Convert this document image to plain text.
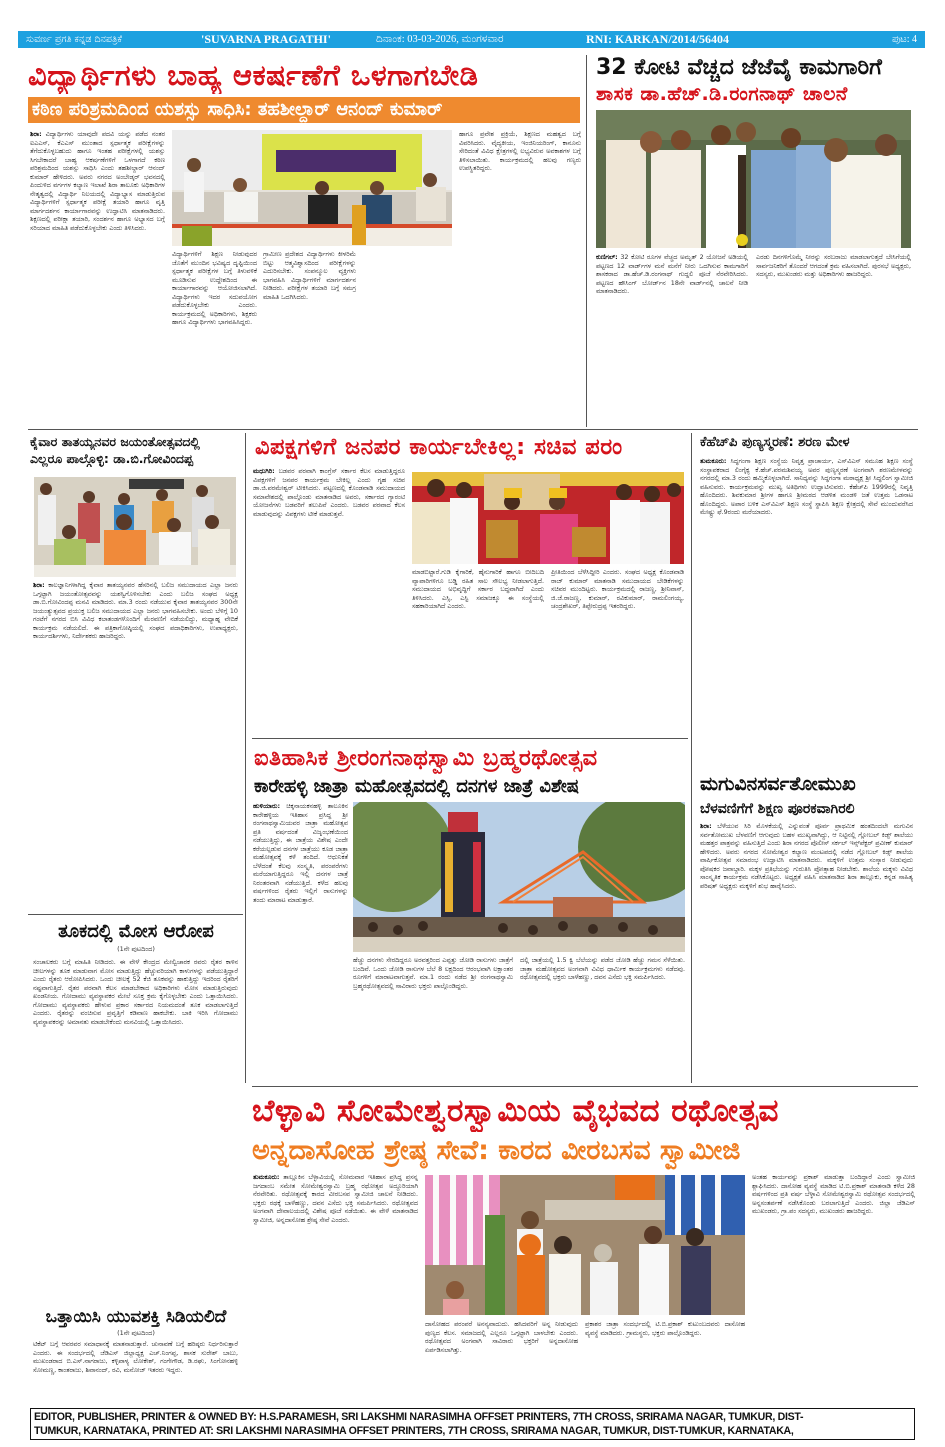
ಸುವರ್ಣ ಪ್ರಗತಿ ಕನ್ನಡ ದಿನಪತ್ರಿಕೆ	'SUVARNA PRAGATHI'	ದಿನಾಂಕ: 03-03-2026, ಮಂಗಳವಾರ	RNI: KARKAN/2014/56404	ಪುಟ: 4
ವಿದ್ಯಾರ್ಥಿಗಳು ಬಾಹ್ಯ ಆಕರ್ಷಣೆಗೆ ಒಳಗಾಗಬೇಡಿ
ಕಠಿಣ ಪರಿಶ್ರಮದಿಂದ ಯಶಸ್ಸು ಸಾಧಿಸಿ: ತಹಶೀಲ್ದಾರ್ ಆನಂದ್ ಕುಮಾರ್

ಶಿರಾ: ವಿದ್ಯಾರ್ಥಿಗಳು ಯಾವುದೇ ಪದವಿ ಯನ್ನು ಪಡೆದ ನಂತರ ಐಎಎಸ್, ಕೆಎಎಸ್ ಮುಂತಾದ ಸ್ಪರ್ಧಾತ್ಮಕ ಪರೀಕ್ಷೆಗಳನ್ನು ತೆಗೆದುಕೊಳ್ಳಬಹುದು ಹಾಗೂ ಇಂತಹ ಪರೀಕ್ಷೆಗಳಲ್ಲಿ ಯಶಸ್ಸು ಸಿಗಬೇಕಾದರೆ ಬಾಹ್ಯ ಆಕರ್ಷಣೆಗಳಿಗೆ ಒಳಗಾಗದೆ ಕಠಿಣ ಪರಿಶ್ರಮದಿಂದ ಯಶಸ್ಸು ಸಾಧಿಸಿ ಎಂದು ತಹಶೀಲ್ದಾರ್ ಆನಂದ್ ಕುಮಾರ್ ಹೇಳಿದರು. ಅವರು ನಗರದ ಅಂಬೇಡ್ಕರ್ ಭವನದಲ್ಲಿ ಪಿಂದುಳಿದ ವರ್ಗಗಳ ಕಲ್ಯಾಣ ಇಲಾಖೆ ಶಿರಾ ತಾಲೂಕು ಅಧಿಕಾರಿಗಳ ನೇತೃತ್ವದಲ್ಲಿ ವಿದ್ಯಾರ್ಥಿ ನಿಲಯದಲ್ಲಿ ವಿದ್ಯಾಭ್ಯಾಸ ಮಾಡುತ್ತಿರುವ ವಿದ್ಯಾರ್ಥಿಗಳಿಗೆ ಸ್ಪರ್ಧಾತ್ಮಕ ಪರೀಕ್ಷೆ ತಯಾರಿ ಹಾಗೂ ವೃತ್ತಿ ಮಾರ್ಗದರ್ಶನ ಕಾರ್ಯಾಗಾರವನ್ನು ಉದ್ಘಾಟಿಸಿ ಮಾತನಾಡಿದರು. ಶಿಕ್ಷಣದಲ್ಲಿ ಪರೀಕ್ಷಾ ತಯಾರಿ, ಸಂದರ್ಶನ ಹಾಗೂ ಅಭ್ಯಾಸದ ಬಗ್ಗೆ ಸರಿಯಾದ ಮಾಹಿತಿ ಪಡೆದುಕೊಳ್ಳಬೇಕು ಎಂದು ತಿಳಿಸಿದರು.

ವಿದ್ಯಾರ್ಥಿಗಳಿಗೆ ಶಿಕ್ಷಣ ನೀಡುವುದರ ಜೊತೆಗೆ ಮುಂದಿನ ಭವಿಷ್ಯದ ದೃಷ್ಟಿಯಿಂದ ಸ್ಪರ್ಧಾತ್ಮಕ ಪರೀಕ್ಷೆಗಳ ಬಗ್ಗೆ ತಿಳುವಳಿಕೆ ಮೂಡಿಸುವ ಉದ್ದೇಶದಿಂದ ಈ ಕಾರ್ಯಾಗಾರವನ್ನು ಆಯೋಜಿಸಲಾಗಿದೆ. ವಿದ್ಯಾರ್ಥಿಗಳು ಇದರ ಸದುಪಯೋಗ ಪಡೆದುಕೊಳ್ಳಬೇಕು ಎಂದರು. ಕಾರ್ಯಕ್ರಮದಲ್ಲಿ ಅಧಿಕಾರಿಗಳು, ಶಿಕ್ಷಕರು ಹಾಗೂ ವಿದ್ಯಾರ್ಥಿಗಳು ಭಾಗವಹಿಸಿದ್ದರು.
ಗ್ರಾಮೀಣ ಪ್ರದೇಶದ ವಿದ್ಯಾರ್ಥಿಗಳು ಕೀಳರಿಮೆ ಬಿಟ್ಟು ಆತ್ಮವಿಶ್ವಾಸದಿಂದ ಪರೀಕ್ಷೆಗಳನ್ನು ಎದುರಿಸಬೇಕು. ಸಂಪನ್ಮೂಲ ವ್ಯಕ್ತಿಗಳು ಭಾಗವಹಿಸಿ ವಿದ್ಯಾರ್ಥಿಗಳಿಗೆ ಮಾರ್ಗದರ್ಶನ ನೀಡಿದರು. ಪರೀಕ್ಷೆಗಳ ತಯಾರಿ ಬಗ್ಗೆ ಸಮಗ್ರ ಮಾಹಿತಿ ಒದಗಿಸಿದರು.
ಹಾಗೂ ಪ್ರವೇಶ ಪ್ರಕ್ರಿಯೆ, ಶಿಕ್ಷಣದ ಮಹತ್ವದ ಬಗ್ಗೆ ವಿವರಿಸಿದರು. ವೈದ್ಯಕೀಯ, ಇಂಜಿನಿಯರಿಂಗ್, ಕಾನೂನು ಸೇರಿದಂತೆ ವಿವಿಧ ಕ್ಷೇತ್ರಗಳಲ್ಲಿ ಲಭ್ಯವಿರುವ ಅವಕಾಶಗಳ ಬಗ್ಗೆ ತಿಳಿಸಲಾಯಿತು. ಕಾರ್ಯಕ್ರಮದಲ್ಲಿ ಹಲವು ಗಣ್ಯರು ಉಪಸ್ಥಿತರಿದ್ದರು.
32 ಕೋಟಿ ವೆಚ್ಚದ ಜೆಜೆವೈ ಕಾಮಗಾರಿಗೆ
ಶಾಸಕ ಡಾ.ಹೆಚ್.ಡಿ.ರಂಗನಾಥ್ ಚಾಲನೆ

ಕುಣಿಗಲ್: 32 ಕೋಟಿ ರೂಗಳ ವೆಚ್ಚದ ಅಮೃತ್ 2 ಯೋಜನೆ ಅಡಿಯಲ್ಲಿ ಪಟ್ಟಣದ 12 ವಾರ್ಡ್‌ಗಳ ಮನೆ ಮನೆಗೆ ನೀರು ಒದಗಿಸುವ ಕಾಮಗಾರಿಗೆ ಶಾಸಕರಾದ ಡಾ.ಹೆಚ್.ಡಿ.ರಂಗನಾಥ್ ಗುದ್ದಲಿ ಪೂಜೆ ನೆರವೇರಿಸಿದರು. ಪಟ್ಟಣದ ಹೌಸಿಂಗ್ ಬೋರ್ಡ್‌ನ 18ನೇ ವಾರ್ಡ್‌ನಲ್ಲಿ ಚಾಲನೆ ನೀಡಿ ಮಾತನಾಡಿದರು.

ಎರಡು ದಿನಗಳಿಗೊಮ್ಮೆ ನೀರನ್ನು ಸರಬರಾಜು ಮಾಡಲಾಗುತ್ತದೆ ಬೇಸಿಗೆಯಲ್ಲಿ ಸಾರ್ವಜನಿಕರಿಗೆ ತೊಂದರೆ ಆಗದಂತೆ ಕ್ರಮ ವಹಿಸಲಾಗಿದೆ. ಪುರಸಭೆ ಅಧ್ಯಕ್ಷರು, ಸದಸ್ಯರು, ಮುಖಂಡರು ಮತ್ತು ಅಧಿಕಾರಿಗಳು ಹಾಜರಿದ್ದರು.
ಕೈವಾರ ತಾತಯ್ಯನವರ ಜಯಂತೋತ್ಸವದಲ್ಲಿ
ಎಲ್ಲರೂ ಪಾಲ್ಗೊಳ್ಳಿ: ಡಾ.ಬಿ.ಗೋವಿಂದಪ್ಪ

ಶಿರಾ: ಕಾಲಜ್ಞಾನಿಗಳಾಗಿದ್ದ ಕೈವಾರ ತಾತಯ್ಯನವರ ಹೆಸರಿನಲ್ಲಿ ಬಲಿಜ ಸಮುದಾಯದ ಎಲ್ಲಾ ಜನರು ಒಗ್ಗಟ್ಟಾಗಿ ಜಯಂತೋತ್ಸವವನ್ನು ಯಶಸ್ವಿಗೊಳಿಸಬೇಕು ಎಂದು ಬಲಿಜ ಸಂಘದ ಅಧ್ಯಕ್ಷ ಡಾ.ಬಿ.ಗೋವಿಂದಪ್ಪ ಮನವಿ ಮಾಡಿದರು. ಮಾ.3 ರಂದು ನಡೆಯುವ ಕೈವಾರ ತಾತಯ್ಯನವರ 300ನೇ ಜಯಂತ್ಯುತ್ಸವದ ಪ್ರಯುಕ್ತ ಬಲಿಜ ಸಮುದಾಯದ ಎಲ್ಲಾ ಜನರು ಭಾಗವಹಿಸಬೇಕು. ಅಂದು ಬೆಳಿಗ್ಗೆ 10 ಗಂಟೆಗೆ ನಗರದ ಬಿಸಿ ವಿವಿಧ ಕಲಾತಂಡಗಳೊಂದಿಗೆ ಮೆರವಣಿಗೆ ನಡೆಯಲಿದ್ದು, ಮಧ್ಯಾಹ್ನ ವೇದಿಕೆ ಕಾರ್ಯಕ್ರಮ ನಡೆಯಲಿದೆ. ಈ ಪತ್ರಿಕಾಗೋಷ್ಠಿಯಲ್ಲಿ ಸಂಘದ ಪದಾಧಿಕಾರಿಗಳು, ಉಪಾಧ್ಯಕ್ಷರು, ಕಾರ್ಯದರ್ಶಿಗಳು, ನಿರ್ದೇಶಕರು ಹಾಜರಿದ್ದರು.

ತೂಕದಲ್ಲಿ ಮೋಸ ಆರೋಪ
(1ನೇ ಪುಟದಿಂದ)
ಸಂಚಾಲಕರು ಬಗ್ಗೆ ಮಾಹಿತಿ ನೀಡಿದರು. ಈ ವೇಳೆ ಕೇಂದ್ರದ ಮೇಲ್ವಿಚಾರಕ ರವರು ರೈತರ ಕಾಳಿನ ಚೀಲಗಳನ್ನು ತೂಕ ಮಾಡುವಾಗ ಮೋಸ ಮಾಡುತ್ತಿದ್ದು ಹೆಚ್ಚುವರಿಯಾಗಿ ಕಾಳುಗಳನ್ನು ಪಡೆಯುತ್ತಿದ್ದಾರೆ ಎಂದು ರೈತರು ಆರೋಪಿಸಿದರು. ಒಂದು ಚೀಲಕ್ಕೆ 52 ಕೆಜಿ ತೂಕವನ್ನು ಹಾಕುತ್ತಿದ್ದು ಇದರಿಂದ ರೈತರಿಗೆ ನಷ್ಟವಾಗುತ್ತಿದೆ. ರೈತರ ಪರವಾಗಿ ಕೆಲಸ ಮಾಡಬೇಕಾದ ಅಧಿಕಾರಿಗಳು ಮೋಸ ಮಾಡುತ್ತಿರುವುದು ಖಂಡನೀಯ. ಗೋದಾಮು ವ್ಯವಸ್ಥಾಪಕರ ಮೇಲೆ ಸೂಕ್ತ ಕ್ರಮ ಕೈಗೊಳ್ಳಬೇಕು ಎಂದು ಒತ್ತಾಯಿಸಿದರು. ಗೋದಾಮು ವ್ಯವಸ್ಥಾಪಕರು ಹೇಳುವ ಪ್ರಕಾರ ಸರ್ಕಾರದ ನಿಯಮದಂತೆ ತೂಕ ಮಾಡಲಾಗುತ್ತಿದೆ ಎಂದರು. ರೈತರನ್ನು ವಂಚಿಸುವ ಪ್ರವೃತ್ತಿಗೆ ಕಡಿವಾಣ ಹಾಕಬೇಕು. ಬಾಕಿ ಇರಿಸಿ ಗೋದಾಮು ವ್ಯವಸ್ಥಾಪಕರನ್ನು ಅಮಾನತು ಮಾಡಬೇಕೆಂದು ಮನವಿಯಲ್ಲಿ ಒತ್ತಾಯಿಸಿದರು.
ಒತ್ತಾಯಿಸಿ ಯುವಶಕ್ತಿ ಸಿಡಿಯಲಿದೆ
(1ನೇ ಪುಟದಿಂದ)
ಟಿಕೆಟ್ ಬಗ್ಗೆ ಆವರವರ ಸಮಾಧಾನಕ್ಕೆ ಮಾತನಾಡುತ್ತಾರೆ. ಚುನಾವಣೆ ಬಗ್ಗೆ ಹರಿಷ್ಠರು ನಿರ್ಧರಿಸುತ್ತಾರೆ ಎಂದರು. ಈ ಸಂದರ್ಭದಲ್ಲಿ ಜೆಡಿಎಸ್ ಜಿಲ್ಲಾಧ್ಯಕ್ಷ ಎಚ್.ನಿಂಗಪ್ಪ, ಶಾಸಕ ಸುರೇಶ್ ಬಾಬು, ಮುಖಂಡರಾದ ಬಿ.ಎಸ್.ನಾಗರಾಜು, ಕಳ್ಳಿಪಾಳ್ಯ ಲೋಕೇಶ್, ಗಂಗೇಗೌಡ, ಡಿ.ರಘು, ಸಿಂಗೋನಹಳ್ಳಿ ಸೋಮಣ್ಣ, ಕಾಂತರಾಜು, ಶಿವಾನಂದ್, ರವಿ, ಮನೋಜ್ ಇತರರು ಇದ್ದರು.
ವಿಪಕ್ಷಗಳಿಗೆ ಜನಪರ ಕಾರ್ಯಬೇಕಿಲ್ಲ: ಸಚಿವ ಪರಂ

ಮಧುಗಿರಿ: ಬಡವರ ಪರವಾಗಿ ಕಾಂಗ್ರೆಸ್ ಸರ್ಕಾರ ಕೆಲಸ ಮಾಡುತ್ತಿದ್ದರೂ ವಿಪಕ್ಷಗಳಿಗೆ ಜನಪರ ಕಾರ್ಯಕ್ರಮ ಬೇಕಿಲ್ಲ ಎಂದು ಗೃಹ ಸಚಿವ ಡಾ.ಜಿ.ಪರಮೇಶ್ವರ್ ಟೀಕಿಸಿದರು. ಪಟ್ಟಣದಲ್ಲಿ ಕೊಂಡವಾಡಿ ಸಮುದಾಯದ ಸಮಾವೇಶದಲ್ಲಿ ಪಾಲ್ಗೊಂಡು ಮಾತನಾಡಿದ ಅವರು, ಸರ್ಕಾರದ ಗ್ಯಾರಂಟಿ ಯೋಜನೆಗಳು ಬಡವರಿಗೆ ತಲುಪಿವೆ ಎಂದರು. ಬಡವರ ಪರವಾದ ಕೆಲಸ ಮಾಡುವುದನ್ನು ವಿಪಕ್ಷಗಳು ಟೀಕೆ ಮಾಡುತ್ತವೆ.

ಮಾಡಬಿಟ್ಟಾರೆ.ಗುಡಿ ಕೈಗಾರಿಕೆ, ಹೈನುಗಾರಿಕೆ ಹಾಗೂ ಬೀದಿಬದಿ ವ್ಯಾಪಾರಿಗಳಿಗೂ ಬಡ್ಡಿ ರಹಿತ ಸಾಲ ಸೌಲಭ್ಯ ನೀಡಲಾಗುತ್ತಿದೆ. ಸಮುದಾಯದ ಅಭಿವೃದ್ಧಿಗೆ ಸರ್ಕಾರ ಬದ್ಧವಾಗಿದೆ ಎಂದು ತಿಳಿಸಿದರು. ಎಸ್ಸಿ, ಎಸ್ಟಿ ಸಮಾಜಕ್ಕೂ ಈ ಸಂಸ್ಥೆಯಲ್ಲಿ ಸಹಕಾರಿಯಾಗಿದೆ ಎಂದರು.
ಪ್ರೀತಿಯಿಂದ ಬೆಳೆಸಿದ್ದೀರಿ ಎಂದರು. ಸಂಘದ ಅಧ್ಯಕ್ಷ ಕೊಂಡವಾಡಿ ರಾಜ್ ಕುಮಾರ್ ಮಾತನಾಡಿ ಸಮುದಾಯದ ಬೇಡಿಕೆಗಳನ್ನು ಸಚಿವರ ಮುಂದಿಟ್ಟರು. ಕಾರ್ಯಕ್ರಮದಲ್ಲಿ ರಾಜಣ್ಣ, ಶ್ರೀನಿವಾಸ್, ಜಿ.ಜೆ.ರಾಜಣ್ಣ, ಕುಮಾರ್, ರವಿಕುಮಾರ್, ರಾಮಲಿಂಗಯ್ಯ, ಚಂದ್ರಶೇಖರ್, ತಿಪ್ಪೇರುದ್ರಪ್ಪ ಇತರರಿದ್ದರು.
ಕೆಹೆಚ್‌ಪಿ ಪುಣ್ಯಸ್ಮರಣೆ: ಶರಣ ಮೇಳ

ತುಮಕೂರು: ಸಿದ್ಧಗಂಗಾ ಶಿಕ್ಷಣ ಸಂಸ್ಥೆಯ ನಿವೃತ್ತ ಪ್ರಾಚಾರ್ಯ, ಎಸ್‌ವಿಎಸ್ ಸಮೂಹ ಶಿಕ್ಷಣ ಸಂಸ್ಥೆ ಸಂಸ್ಥಾಪಕರಾದ ಲಿಂಗೈಕ್ಯ ಕೆ.ಹೆಚ್.ಪರಮಶಿವಯ್ಯ ಅವರ ಪುಣ್ಯಸ್ಮರಣೆ ಅಂಗವಾಗಿ ಶರಣಮೇಳವನ್ನು ನಗರದಲ್ಲಿ ಮಾ.3 ರಂದು ಹಮ್ಮಿಕೊಳ್ಳಲಾಗಿದೆ. ಸಾನಿಧ್ಯವನ್ನು ಸಿದ್ಧಗಂಗಾ ಮಠಾಧ್ಯಕ್ಷ ಶ್ರೀ ಸಿದ್ಧಲಿಂಗ ಸ್ವಾಮೀಜಿ ವಹಿಸುವರು. ಕಾರ್ಯಕ್ರಮವನ್ನು ಮುಖ್ಯ ಅತಿಥಿಗಳು ಉದ್ಘಾಟಿಸುವರು. ಕೆಹೆಚ್‌ಪಿ 1999ರಲ್ಲಿ ನಿವೃತ್ತಿ ಹೊಂದಿದರು. ಶಿವಕುಮಾರ ಶ್ರೀಗಳ ಹಾಗೂ ಶ್ರೀಮಠದ ಆಡಳಿತ ಮಂಡಳಿ ಜತೆ ಉತ್ತಮ ಒಡನಾಟ ಹೊಂದಿದ್ದರು. ಅಪಾರ ಬಳಿಕ ಎಸ್‌ವಿಎಸ್ ಶಿಕ್ಷಣ ಸಂಸ್ಥೆ ಸ್ಥಾಪಿಸಿ ಶಿಕ್ಷಣ ಕ್ಷೇತ್ರದಲ್ಲಿ ಸೇವೆ ಮುಂದುವರೆಸಿದ ಮೇಷ್ಟ್ರು ಫೆ.9ರಂದು ಮರೆಯಾದರು.

ಐತಿಹಾಸಿಕ ಶ್ರೀರಂಗನಾಥಸ್ವಾಮಿ ಬ್ರಹ್ಮರಥೋತ್ಸವ
ಕಾರೇಹಳ್ಳಿ ಜಾತ್ರಾ ಮಹೋತ್ಸವದಲ್ಲಿ ದನಗಳ ಜಾತ್ರೆ ವಿಶೇಷ

ಹುಳಿಯಾರು: ಚಿಕ್ಕನಾಯಕನಹಳ್ಳಿ ತಾಲೂಕಿನ ಕಾರೇಹಳ್ಳಿಯ ಇತಿಹಾಸ ಪ್ರಸಿದ್ಧ ಶ್ರೀ ರಂಗನಾಥಸ್ವಾಮಿಯವರ ಜಾತ್ರಾ ಮಹೋತ್ಸವ ಪ್ರತಿ ವರ್ಷದಂತೆ ವಿಜೃಂಭಣೆಯಿಂದ ನಡೆಯುತ್ತಿದ್ದು, ಈ ಜಾತ್ರೆಯ ವಿಶೇಷ ಎಂದೇ ಕರೆಯಲ್ಪಡುವ ದನಗಳ ಜಾತ್ರೆಯು ಕೂಡ ಜಾತ್ರಾ ಮಹೋತ್ಸವಕ್ಕೆ ಕಳೆ ತಂದಿದೆ. ಆಧುನಿಕತೆ ಬೆಳೆದಂತೆ ಕೆಲವು ಸಂಸ್ಕೃತಿ, ಪರಂಪರೆಗಳು ಮರೆಯಾಗುತ್ತಿದ್ದರೂ ಇಲ್ಲಿ ದನಗಳ ಜಾತ್ರೆ ನಿರಂತರವಾಗಿ ನಡೆಯುತ್ತಿದೆ. ಕಳೆದ ಹಲವು ವರ್ಷಗಳಿಂದ ರೈತರು ಇಲ್ಲಿಗೆ ರಾಸುಗಳನ್ನು ತಂದು ಮಾರಾಟ ಮಾಡುತ್ತಾರೆ.

ಹೆಚ್ಚು ದನಗಳು ಸೇರದಿದ್ದರೂ ಅರವತ್ತರಿಂದ ಎಪ್ಪತ್ತು ಜೋಡಿ ರಾಸುಗಳು ಜಾತ್ರೆಗೆ ಬಂದಿವೆ. ಒಂದು ಜೋಡಿ ರಾಸುಗಳ ಬೆಲೆ 8 ಲಕ್ಷದಿಂದ ಆರಂಭವಾಗಿ ಲಕ್ಷಾಂತರ ರೂಗಳಿಗೆ ಮಾರಾಟವಾಗುತ್ತವೆ. ಮಾ.1 ರಂದು ನಡೆದ ಶ್ರೀ ರಂಗನಾಥಸ್ವಾಮಿ ಬ್ರಹ್ಮರಥೋತ್ಸವದಲ್ಲಿ ಸಾವಿರಾರು ಭಕ್ತರು ಪಾಲ್ಗೊಂಡಿದ್ದರು.
ದಲ್ಲಿ ಜಾತ್ರೆಯಲ್ಲಿ 1.5 ಕ್ವಿ ಬೆಲೆಯನ್ನು ಪಡೆದ ಜೋಡಿ ಹೆಚ್ಚು ಗಮನ ಸೆಳೆಯಿತು. ಜಾತ್ರಾ ಮಹೋತ್ಸವದ ಅಂಗವಾಗಿ ವಿವಿಧ ಧಾರ್ಮಿಕ ಕಾರ್ಯಕ್ರಮಗಳು ನಡೆದವು. ರಥೋತ್ಸವದಲ್ಲಿ ಭಕ್ತರು ಬಾಳೆಹಣ್ಣು, ದವನ ಎಸೆದು ಭಕ್ತಿ ಸಮರ್ಪಿಸಿದರು.
ಮಗುವಿನಸರ್ವತೋಮುಖ
ಬೆಳವಣಿಗೆಗೆ ಶಿಕ್ಷಣ ಪೂರಕವಾಗಿರಲಿ

ಶಿರಾ: ಬೆಳೆಯುವ ಸಿರಿ ಮೊಳಕೆಯಲ್ಲಿ ಎನ್ನುವಂತೆ ಪೂರ್ವ ಪ್ರಾಥಮಿಕ ಹಂತದಿಂದಲೇ ಮಗುವಿನ ಸರ್ವತೋಮುಖ ಬೆಳವಣಿಗೆ ಆಗುವುದು ಬಹಳ ಮುಖ್ಯವಾಗಿದ್ದು, ಆ ನಿಟ್ಟಿನಲ್ಲಿ ಗ್ಲೋಬಲ್ ಕಿಡ್ಸ್ ಶಾಲೆಯು ಮಹತ್ತರ ಪಾತ್ರವನ್ನು ವಹಿಸುತ್ತಿದೆ ಎಂದು ಶಿರಾ ನಗರದ ಪೊಲೀಸ್ ಸರ್ಕಲ್ ಇನ್ಸ್‌ಪೆಕ್ಟರ್ ಪ್ರವೀಣ್ ಕುಮಾರ್ ಹೇಳಿದರು. ಅವರು ನಗರದ ಸೋಮೇಶ್ವರ ಕಲ್ಯಾಣ ಮಂಟಪದಲ್ಲಿ ನಡೆದ ಗ್ಲೋಬಲ್ ಕಿಡ್ಸ್ ಶಾಲೆಯ ವಾರ್ಷಿಕೋತ್ಸವ ಸಮಾರಂಭ ಉದ್ಘಾಟಿಸಿ ಮಾತನಾಡಿದರು. ಮಕ್ಕಳಿಗೆ ಉತ್ತಮ ಸಂಸ್ಕಾರ ನೀಡುವುದು ಪೋಷಕರ ಜವಾಬ್ದಾರಿ. ಮಕ್ಕಳ ಪ್ರತಿಭೆಯನ್ನು ಗುರುತಿಸಿ ಪ್ರೋತ್ಸಾಹ ನೀಡಬೇಕು. ಶಾಲೆಯ ಮಕ್ಕಳು ವಿವಿಧ ಸಾಂಸ್ಕೃತಿಕ ಕಾರ್ಯಕ್ರಮ ನಡೆಸಿಕೊಟ್ಟರು. ಅಧ್ಯಕ್ಷತೆ ವಹಿಸಿ ಮಾತನಾಡಿದ ಶಿರಾ ತಾಲ್ಲೂಕು, ಕನ್ನಡ ಸಾಹಿತ್ಯ ಪರಿಷತ್ ಅಧ್ಯಕ್ಷರು ಮಕ್ಕಳಿಗೆ ಶುಭ ಹಾರೈಸಿದರು.

ಬೆಳ್ಳಾವಿ ಸೋಮೇಶ್ವರಸ್ವಾಮಿಯ ವೈಭವದ ರಥೋತ್ಸವ
ಅನ್ನದಾಸೋಹ ಶ್ರೇಷ್ಠ ಸೇವೆ: ಕಾರದ ವೀರಬಸವ ಸ್ವಾಮೀಜಿ

ತುಮಕೂರು: ತಾಲ್ಲೂಕಿನ ಬೆಳ್ಳಾವಿಯಲ್ಲಿ ಸೋಮವಾರ ಇತಿಹಾಸ ಪ್ರಸಿದ್ಧ ಪ್ರಸನ್ನ ಜಗದಾಂಬ ಸಮೇತ ಸೋಮೇಶ್ವರಸ್ವಾಮಿ ಬ್ರಹ್ಮ ರಥೋತ್ಸವ ಅದ್ದೂರಿಯಾಗಿ ನೆರವೇರಿತು. ರಥೋತ್ಸವಕ್ಕೆ ಕಾರದ ವೀರಬಸವ ಸ್ವಾಮೀಜಿ ಚಾಲನೆ ನೀಡಿದರು. ಭಕ್ತರು ರಥಕ್ಕೆ ಬಾಳೆಹಣ್ಣು, ದವನ ಎಸೆದು ಭಕ್ತಿ ಸಮರ್ಪಿಸಿದರು. ರಥೋತ್ಸವದ ಅಂಗವಾಗಿ ದೇವಾಲಯದಲ್ಲಿ ವಿಶೇಷ ಪೂಜೆ ನಡೆಯಿತು. ಈ ವೇಳೆ ಮಾತನಾಡಿದ ಸ್ವಾಮೀಜಿ, ಅನ್ನದಾಸೋಹ ಶ್ರೇಷ್ಠ ಸೇವೆ ಎಂದರು.

ದಾಸೋಹದ ಪರಂಪರೆ ಅನನ್ಯವಾದುದು. ಹಸಿದವರಿಗೆ ಅನ್ನ ನೀಡುವುದು ಪುಣ್ಯದ ಕೆಲಸ. ಸಮಾಜದಲ್ಲಿ ಎಲ್ಲರೂ ಒಗ್ಗಟ್ಟಾಗಿ ಬಾಳಬೇಕು ಎಂದರು. ರಥೋತ್ಸವದ ಅಂಗವಾಗಿ ಸಾವಿರಾರು ಭಕ್ತರಿಗೆ ಅನ್ನದಾಸೋಹ ಏರ್ಪಡಿಸಲಾಗಿತ್ತು.
ಪ್ರಕಾಶರ ಜಾತ್ರಾ ಸಂದರ್ಭದಲ್ಲಿ ಟಿ.ಬಿ.ಪ್ರಕಾಶ್ ಕುಟುಂಬದವರು ದಾಸೋಹ ವ್ಯವಸ್ಥೆ ಮಾಡಿದರು. ಗ್ರಾಮಸ್ಥರು, ಭಕ್ತರು ಪಾಲ್ಗೊಂಡಿದ್ದರು.
ಅಂತಹ ಕಾರ್ಯವನ್ನು ಪ್ರಕಾಶ್ ಮಾಡುತ್ತಾ ಬಂದಿದ್ದಾರೆ ಎಂದು ಸ್ವಾಮೀಜಿ ಶ್ಲಾಘಿಸಿದರು. ದಾಸೋಹ ವ್ಯವಸ್ಥೆ ಮಾಡಿದ ಟಿ.ಬಿ.ಪ್ರಕಾಶ್ ಮಾತನಾಡಿ ಕಳೆದ 28 ವರ್ಷಗಳಿಂದ ಪ್ರತಿ ವರ್ಷ ಬೆಳ್ಳಾವಿ ಸೋಮೇಶ್ವರಸ್ವಾಮಿ ರಥೋತ್ಸವ ಸಂದರ್ಭದಲ್ಲಿ ಅನ್ನಸಂತರ್ಪಣೆ ನಡೆಸಿಕೊಂಡು ಬರಲಾಗುತ್ತಿದೆ ಎಂದರು. ಜಿಲ್ಲಾ ಜೆಡಿಎಸ್ ಮುಖಂಡರು, ಗ್ರಾ.ಪಂ ಸದಸ್ಯರು, ಮುಖಂಡರು ಹಾಜರಿದ್ದರು.
EDITOR, PUBLISHER, PRINTER & OWNED BY: H.S.PARAMESH, SRI LAKSHMI NARASIMHA OFFSET PRINTERS, 7TH CROSS, SRIRAMA NAGAR, TUMKUR, DIST-
TUMKUR, KARNATAKA, PRINTED AT: SRI LAKSHMI NARASIMHA OFFSET PRINTERS, 7TH CROSS, SRIRAMA NAGAR, TUMKUR, DIST-TUMKUR, KARNATAKA,
